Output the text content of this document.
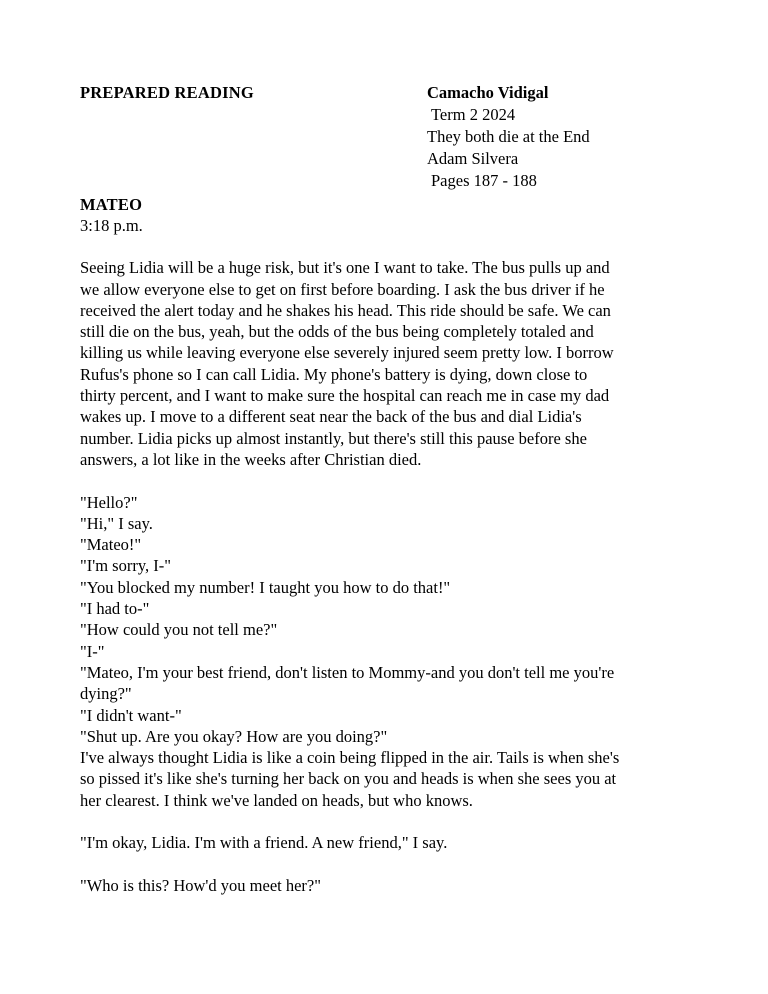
PREPARED READING	Camacho Vidigal
Term 2 2024
They both die at the End
Adam Silvera
Pages 187 - 188
MATEO
3:18 p.m.

Seeing Lidia will be a huge risk, but it's one I want to take. The bus pulls up and we allow everyone else to get on first before boarding. I ask the bus driver if he received the alert today and he shakes his head. This ride should be safe. We can still die on the bus, yeah, but the odds of the bus being completely totaled and killing us while leaving everyone else severely injured seem pretty low. I borrow Rufus's phone so I can call Lidia. My phone's battery is dying, down close to thirty percent, and I want to make sure the hospital can reach me in case my dad wakes up. I move to a different seat near the back of the bus and dial Lidia's number. Lidia picks up almost instantly, but there's still this pause before she answers, a lot like in the weeks after Christian died.

"Hello?"

"Hi," I say.

"Mateo!"

"I'm sorry, I-"

"You blocked my number! I taught you how to do that!"

"I had to-"

"How could you not tell me?"

"I-"

"Mateo, I'm your best friend, don't listen to Mommy-and you don't tell me you're dying?"

"I didn't want-"

"Shut up. Are you okay? How are you doing?"

I've always thought Lidia is like a coin being flipped in the air. Tails is when she's so pissed it's like she's turning her back on you and heads is when she sees you at her clearest. I think we've landed on heads, but who knows.

"I'm okay, Lidia. I'm with a friend. A new friend," I say.

"Who is this? How'd you meet her?"
